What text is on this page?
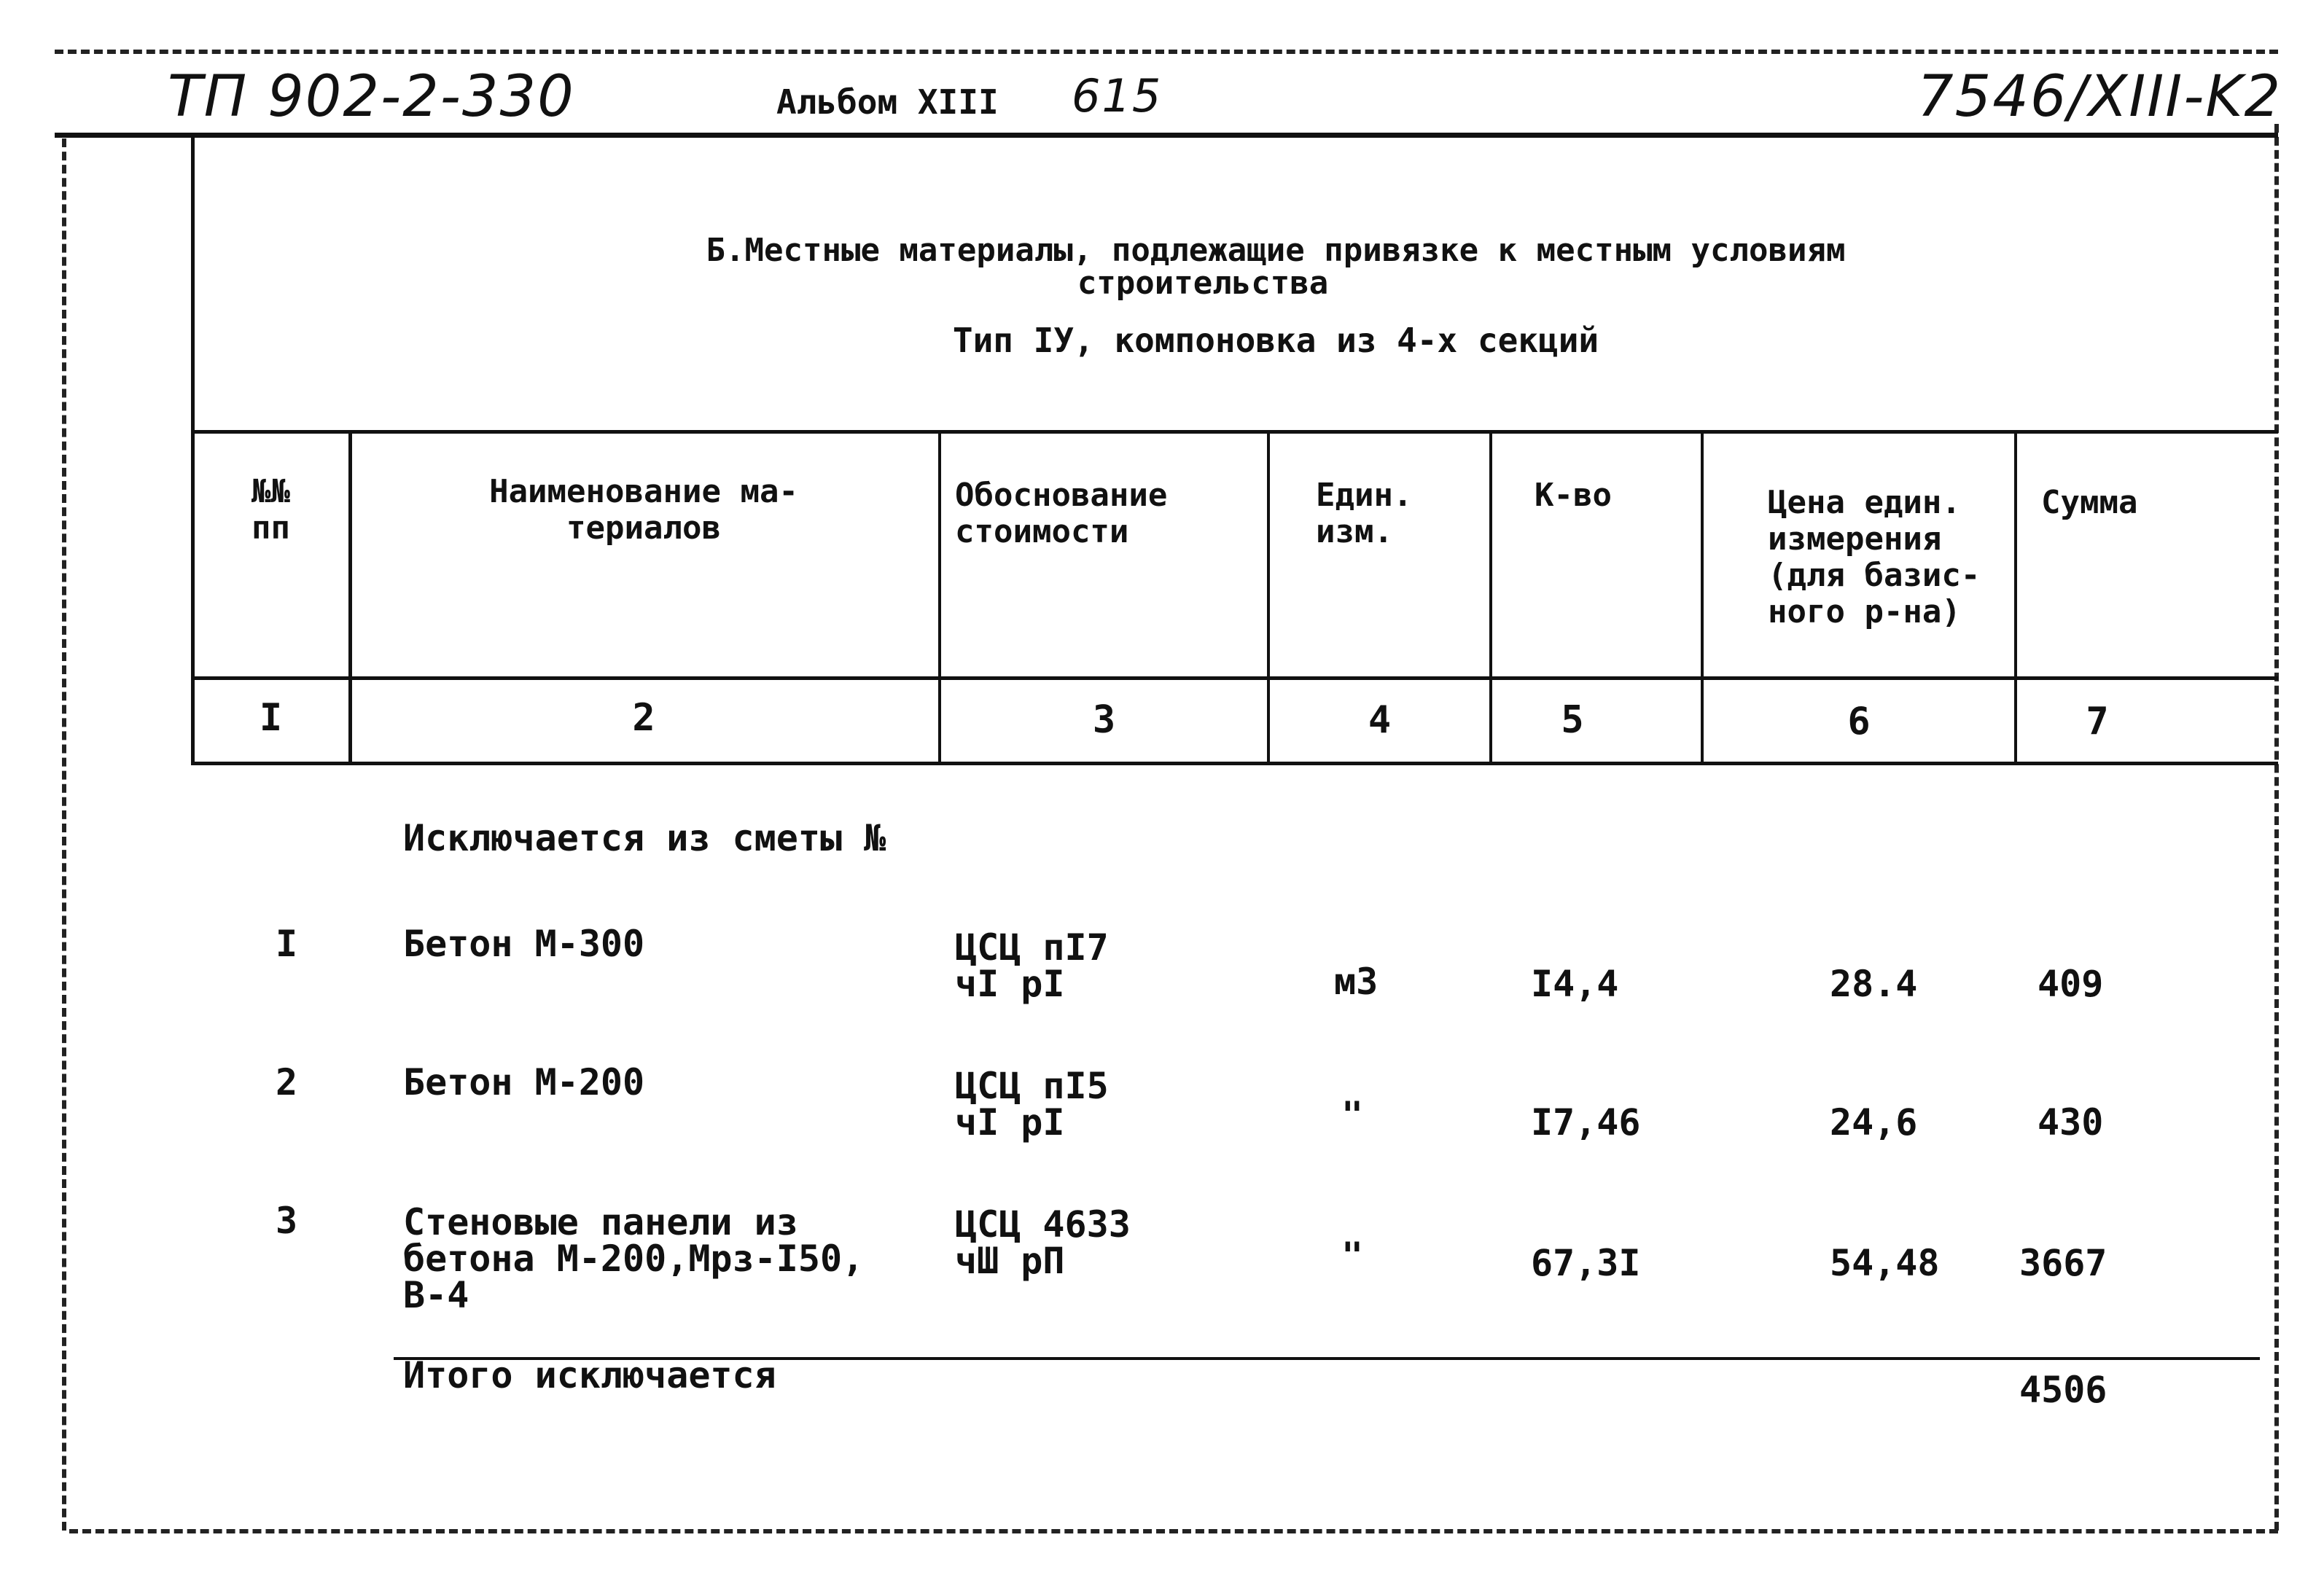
ТП 902-2-330	Альбом XIII 615	7546/XIII-K2
Б.Местные материалы, подлежащие привязке к местным условиям
строительства
Тип IУ, компоновка из 4-х секций
№№
пп
Наименование ма-
териалов
Обоснование
стоимости
Един.
изм.
К-во	Цена един.
измерения
(для базис-
ного р-на)
Сумма
I	2	3	4	5	6	7
Исключается из сметы №
I	Бетон М-300	ЦСЦ пI7
чI рI	м3	I4,4	28.4	409
2	Бетон М-200	ЦСЦ пI5
чI рI	"	I7,46	24,6	430
3	Стеновые панели из
бетона М-200,Мрз-I50,
В-4
ЦСЦ 4633
чШ рП	"	67,3I	54,48 3667
Итого исключается	4506
